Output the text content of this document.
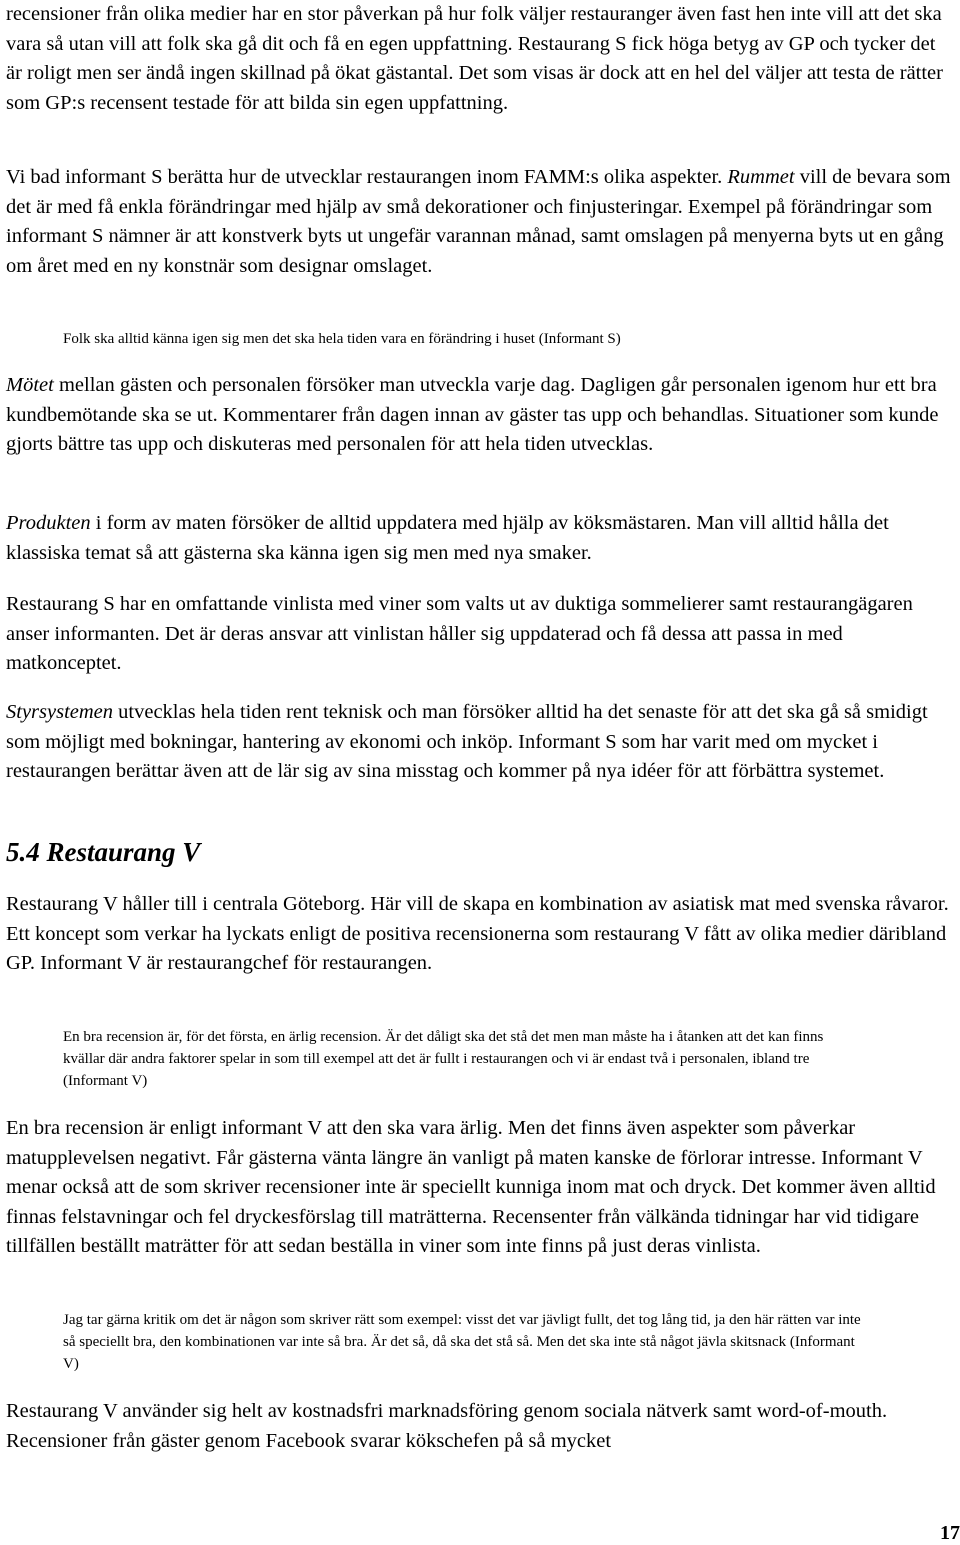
recensioner från olika medier har en stor påverkan på hur folk väljer restauranger även fast hen inte vill att det ska vara så utan vill att folk ska gå dit och få en egen uppfattning. Restaurang S fick höga betyg av GP och tycker det är roligt men ser ändå ingen skillnad på ökat gästantal. Det som visas är dock att en hel del väljer att testa de rätter som GP:s recensent testade för att bilda sin egen uppfattning.

Vi bad informant S berätta hur de utvecklar restaurangen inom FAMM:s olika aspekter. Rummet vill de bevara som det är med få enkla förändringar med hjälp av små dekorationer och finjusteringar. Exempel på förändringar som informant S nämner är att konstverk byts ut ungefär varannan månad, samt omslagen på menyerna byts ut en gång om året med en ny konstnär som designar omslaget.

Folk ska alltid känna igen sig men det ska hela tiden vara en förändring i huset (Informant S)

Mötet mellan gästen och personalen försöker man utveckla varje dag. Dagligen går personalen igenom hur ett bra kundbemötande ska se ut. Kommentarer från dagen innan av gäster tas upp och behandlas. Situationer som kunde gjorts bättre tas upp och diskuteras med personalen för att hela tiden utvecklas.

Produkten i form av maten försöker de alltid uppdatera med hjälp av köksmästaren. Man vill alltid hålla det klassiska temat så att gästerna ska känna igen sig men med nya smaker.

Restaurang S har en omfattande vinlista med viner som valts ut av duktiga sommelierer samt restaurangägaren anser informanten. Det är deras ansvar att vinlistan håller sig uppdaterad och få dessa att passa in med matkonceptet.

Styrsystemen utvecklas hela tiden rent teknisk och man försöker alltid ha det senaste för att det ska gå så smidigt som möjligt med bokningar, hantering av ekonomi och inköp. Informant S som har varit med om mycket i restaurangen berättar även att de lär sig av sina misstag och kommer på nya idéer för att förbättra systemet.

5.4 Restaurang V

Restaurang V håller till i centrala Göteborg. Här vill de skapa en kombination av asiatisk mat med svenska råvaror. Ett koncept som verkar ha lyckats enligt de positiva recensionerna som restaurang V fått av olika medier däribland GP. Informant V är restaurangchef för restaurangen.

En bra recension är, för det första, en ärlig recension. Är det dåligt ska det stå det men man måste ha i åtanken att det kan finns kvällar där andra faktorer spelar in som till exempel att det är fullt i restaurangen och vi är endast två i personalen, ibland tre (Informant V)

En bra recension är enligt informant V att den ska vara ärlig. Men det finns även aspekter som påverkar matupplevelsen negativt. Får gästerna vänta längre än vanligt på maten kanske de förlorar intresse. Informant V menar också att de som skriver recensioner inte är speciellt kunniga inom mat och dryck. Det kommer även alltid finnas felstavningar och fel dryckesförslag till maträtterna. Recensenter från välkända tidningar har vid tidigare tillfällen beställt maträtter för att sedan beställa in viner som inte finns på just deras vinlista.

Jag tar gärna kritik om det är någon som skriver rätt som exempel: visst det var jävligt fullt, det tog lång tid, ja den här rätten var inte så speciellt bra, den kombinationen var inte så bra. Är det så, då ska det stå så. Men det ska inte stå något jävla skitsnack (Informant V)

Restaurang V använder sig helt av kostnadsfri marknadsföring genom sociala nätverk samt word-of-mouth. Recensioner från gäster genom Facebook svarar kökschefen på så mycket

17
